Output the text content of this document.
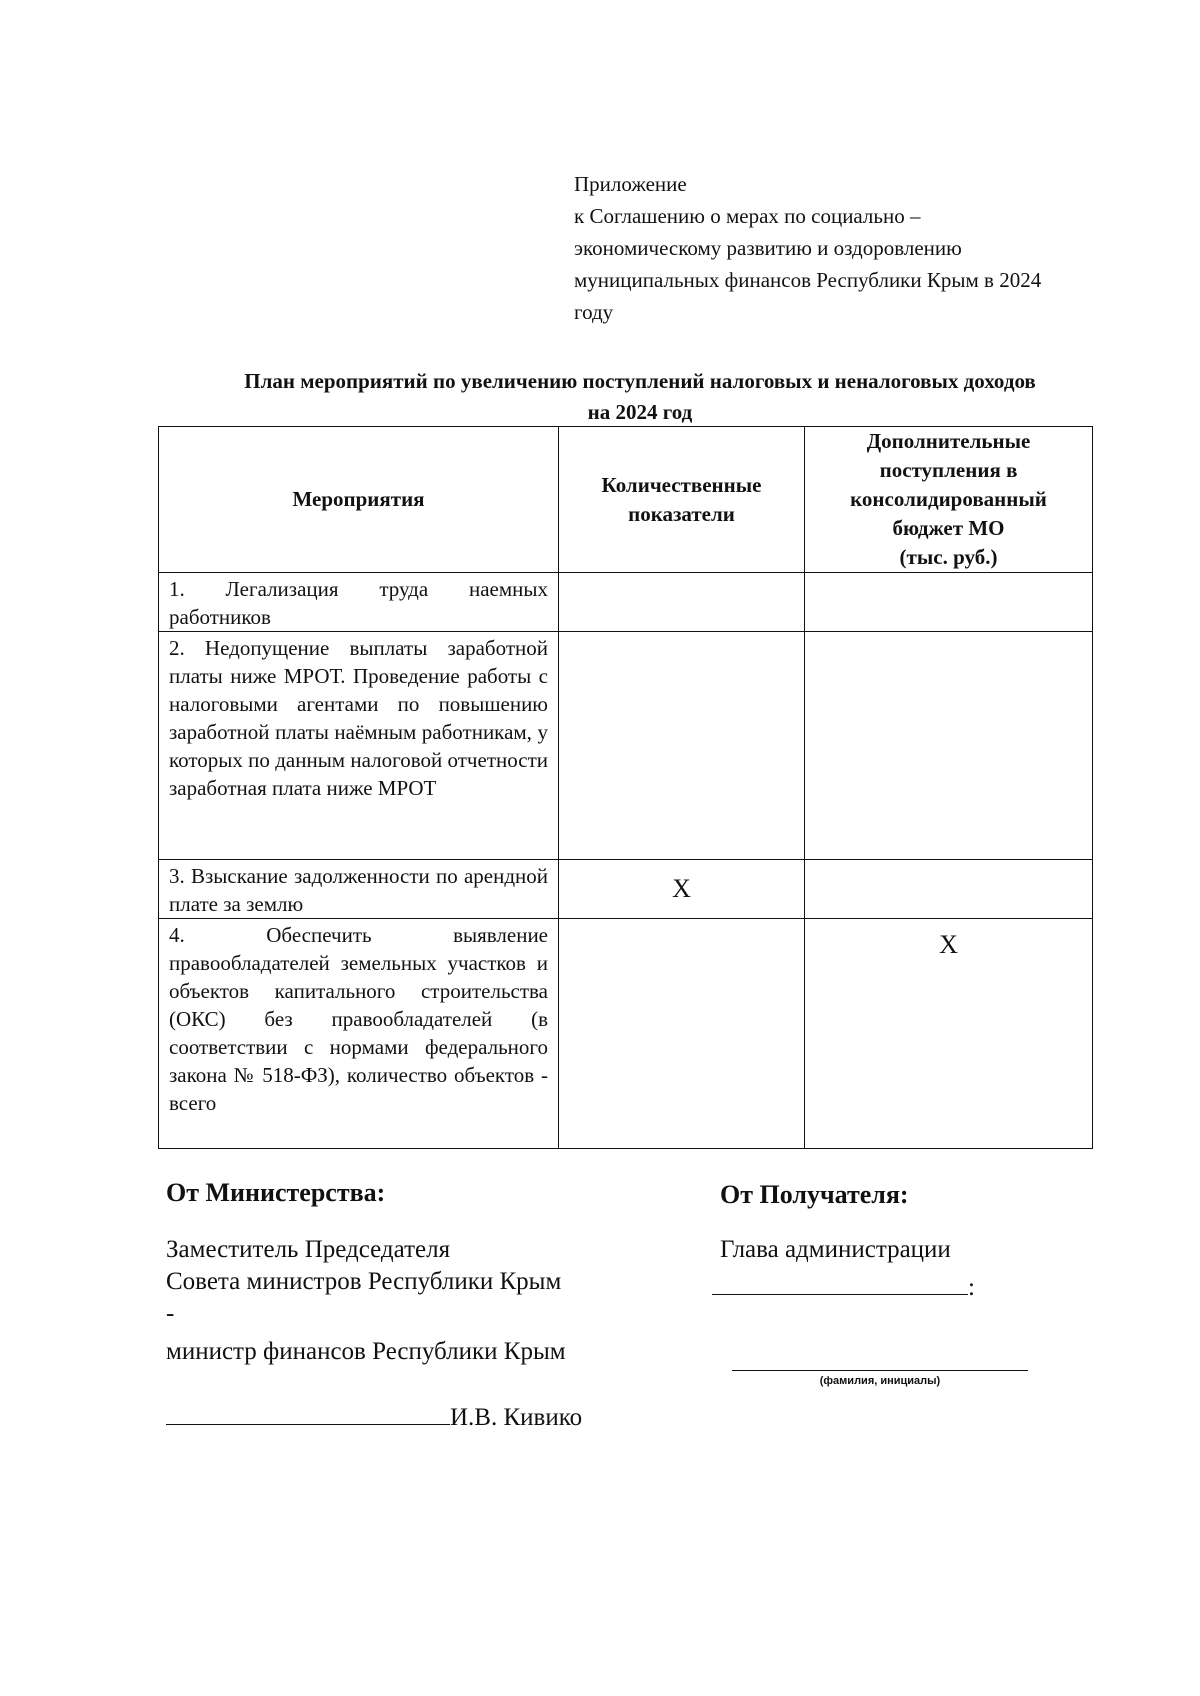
Приложение
к Соглашению о мерах по социально –
экономическому развитию и оздоровлению
муниципальных финансов Республики Крым в 2024
году
План мероприятий по увеличению поступлений налоговых и неналоговых доходов
на 2024 год
Мероприятия	Количественные показатели	Дополнительные
поступления в
консолидированный
бюджет МО
(тыс. руб.)

1. Легализация труда наемных работников		
2. Недопущение выплаты заработной платы ниже МРОТ. Проведение работы с налоговыми агентами по повышению заработной платы наёмным работникам, у которых по данным налоговой отчетности заработная плата ниже МРОТ		
3. Взыскание задолженности по арендной плате за землю	X	
4. Обеспечить выявление правообладателей земельных участков и объектов капитального строительства (ОКС) без правообладателей (в соответствии с нормами федерального закона № 518-ФЗ), количество объектов - всего		X
От Министерства:
Заместитель Председателя
Совета министров Республики Крым
-
министр финансов Республики Крым
И.В. Кивико
От Получателя:
Глава администрации
:
(фамилия, инициалы)
